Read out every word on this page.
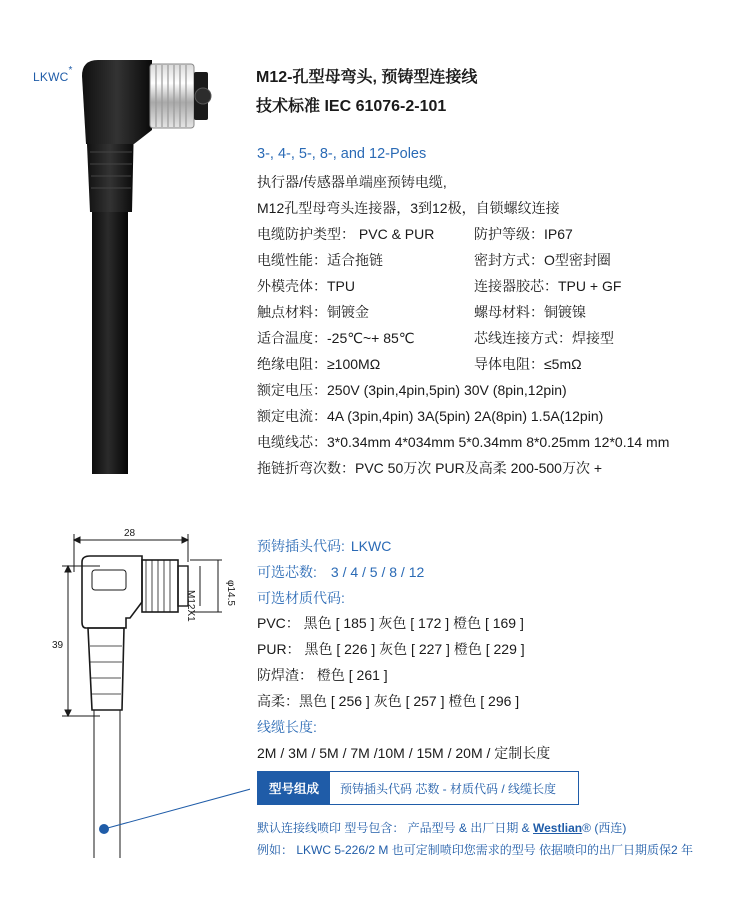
LKWC*	M12-孔型母弯头, 预铸型连接线
技术标准 IEC 61076-2-101
3-, 4-, 5-, 8-, and 12-Poles
执行器/传感器单端座预铸电缆,
M12孔型母弯头连接器，3到12极，自锁螺纹连接
电缆防护类型： PVC & PUR	防护等级：IP67
电缆性能：适合拖链	密封方式：O型密封圈
外模壳体：TPU	连接器胶芯：TPU + GF
触点材料：铜镀金	螺母材料：铜镀镍
适合温度：-25℃~+ 85℃	芯线连接方式：焊接型
绝缘电阻：≥100MΩ	导体电阻：≤5mΩ
额定电压：250V (3pin,4pin,5pin) 30V (8pin,12pin)
额定电流：4A (3pin,4pin) 3A(5pin) 2A(8pin) 1.5A(12pin)
电缆线芯：3*0.34mm 4*034mm 5*0.34mm 8*0.25mm 12*0.14 mm
拖链折弯次数：PVC 50万次 PUR及高柔 200-500万次 +
28
39
M12X1	φ14.5
预铸插头代码: LKWC
可选芯数: 3 / 4 / 5 / 8 / 12
可选材质代码:
PVC： 黑色 [ 185 ] 灰色 [ 172 ] 橙色 [ 169 ]
PUR： 黑色 [ 226 ] 灰色 [ 227 ] 橙色 [ 229 ]
防焊渣： 橙色 [ 261 ]
高柔：黑色 [ 256 ] 灰色 [ 257 ] 橙色 [ 296 ]
线缆长度:
2M / 3M / 5M / 7M /10M / 15M / 20M / 定制长度
型号组成	预铸插头代码 芯数 - 材质代码 / 线缆长度
默认连接线喷印 型号包含： 产品型号 & 出厂日期 & Westlian® (西连)
例如： LKWC 5-226/2 M 也可定制喷印您需求的型号 依据喷印的出厂日期质保2 年
